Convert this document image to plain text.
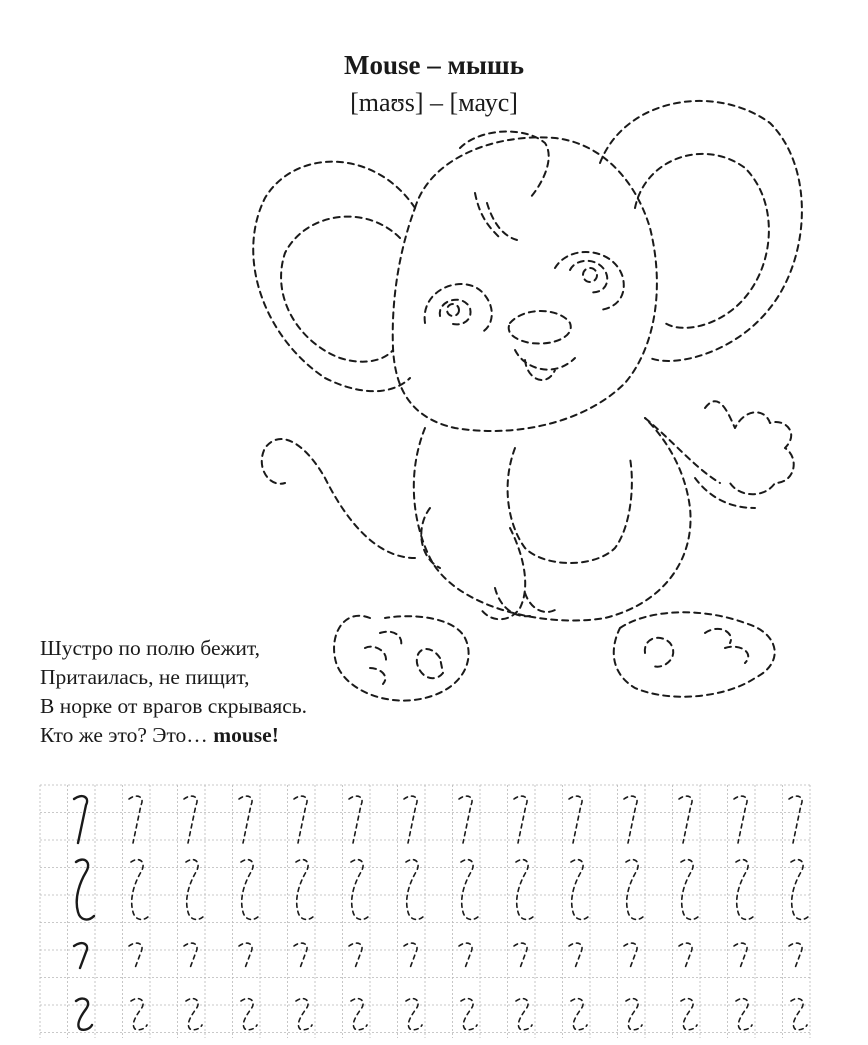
Mouse – мышь
[maʊs] – [маус]
Шустро по полю бежит,
Притаилась, не пищит,
В норке от врагов скрываясь.
Кто же это? Это… mouse!
